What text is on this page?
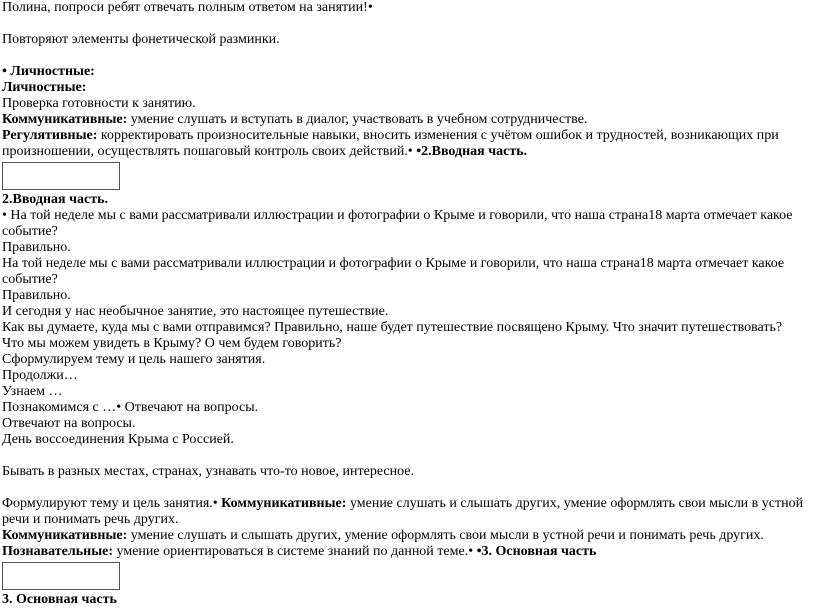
Полина, попроси ребят отвечать полным ответом на занятии!•

Повторяют элементы фонетической разминки.

• Личностные:

Личностные:

Проверка готовности к занятию.

Коммуникативные: умение слушать и вступать в диалог, участвовать в учебном сотрудничестве.

Регулятивные: корректировать произносительные навыки, вносить изменения с учётом ошибок и трудностей, возникающих при произношении, осуществлять пошаговый контроль своих действий.• •2.Вводная часть.

2.Вводная часть.

• На той неделе мы с вами рассматривали иллюстрации и фотографии о Крыме и говорили, что наша страна18 марта отмечает какое событие?

Правильно.

На той неделе мы с вами рассматривали иллюстрации и фотографии о Крыме и говорили, что наша страна18 марта отмечает какое событие?

Правильно.

И сегодня у нас необычное занятие, это настоящее путешествие.

Как вы думаете, куда мы с вами отправимся? Правильно, наше будет путешествие посвящено Крыму. Что значит путешествовать?

Что мы можем увидеть в Крыму? О чем будем говорить?

Сформулируем тему и цель нашего занятия.

Продолжи…

Узнаем …

Познакомимся с …• Отвечают на вопросы.

Отвечают на вопросы.

День воссоединения Крыма с Россией.

Бывать в разных местах, странах, узнавать что-то новое, интересное.

Формулируют тему и цель занятия.• Коммуникативные: умение слушать и слышать других, умение оформлять свои мысли в устной речи и понимать речь других.

Коммуникативные: умение слушать и слышать других, умение оформлять свои мысли в устной речи и понимать речь других.

Познавательные: умение ориентироваться в системе знаний по данной теме.• •3. Основная часть

3. Основная часть
